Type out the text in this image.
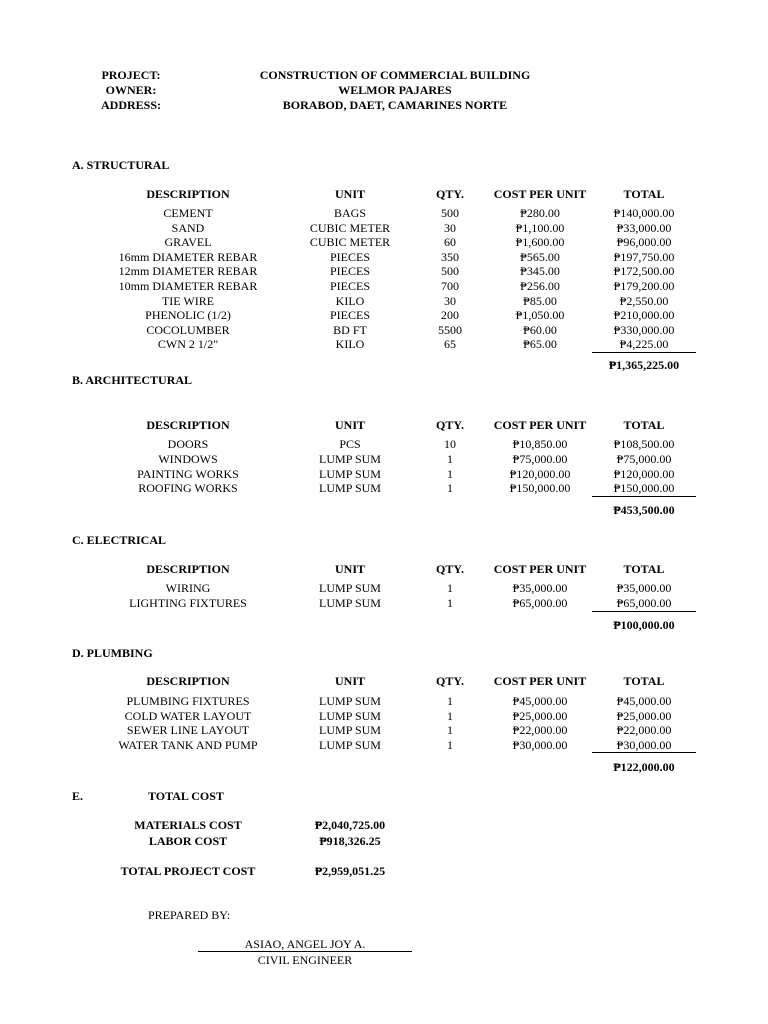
PROJECT:	CONSTRUCTION OF COMMERCIAL BUILDING
OWNER:	WELMOR PAJARES
ADDRESS:	BORABOD, DAET, CAMARINES NORTE
A. STRUCTURAL
DESCRIPTION	UNIT	QTY.	COST PER UNIT	TOTAL
CEMENT	BAGS	500	₱280.00	₱140,000.00
SAND	CUBIC METER	30	₱1,100.00	₱33,000.00
GRAVEL	CUBIC METER	60	₱1,600.00	₱96,000.00
16mm DIAMETER REBAR	PIECES	350	₱565.00	₱197,750.00
12mm DIAMETER REBAR	PIECES	500	₱345.00	₱172,500.00
10mm DIAMETER REBAR	PIECES	700	₱256.00	₱179,200.00
TIE WIRE	KILO	30	₱85.00	₱2,550.00
PHENOLIC (1/2)	PIECES	200	₱1,050.00	₱210,000.00
COCOLUMBER	BD FT	5500	₱60.00	₱330,000.00
CWN 2 1/2"	KILO	65	₱65.00	₱4,225.00
₱1,365,225.00
B. ARCHITECTURAL
DESCRIPTION	UNIT	QTY.	COST PER UNIT	TOTAL
DOORS	PCS	10	₱10,850.00	₱108,500.00
WINDOWS	LUMP SUM	1	₱75,000.00	₱75,000.00
PAINTING WORKS	LUMP SUM	1	₱120,000.00	₱120,000.00
ROOFING WORKS	LUMP SUM	1	₱150,000.00	₱150,000.00
₱453,500.00
C. ELECTRICAL
DESCRIPTION	UNIT	QTY.	COST PER UNIT	TOTAL
WIRING	LUMP SUM	1	₱35,000.00	₱35,000.00
LIGHTING FIXTURES	LUMP SUM	1	₱65,000.00	₱65,000.00
₱100,000.00
D. PLUMBING
DESCRIPTION	UNIT	QTY.	COST PER UNIT	TOTAL
PLUMBING FIXTURES	LUMP SUM	1	₱45,000.00	₱45,000.00
COLD WATER LAYOUT	LUMP SUM	1	₱25,000.00	₱25,000.00
SEWER LINE LAYOUT	LUMP SUM	1	₱22,000.00	₱22,000.00
WATER TANK AND PUMP	LUMP SUM	1	₱30,000.00	₱30,000.00
₱122,000.00
E.	TOTAL COST
MATERIALS COST	₱2,040,725.00
LABOR COST	₱918,326.25
TOTAL PROJECT COST	₱2,959,051.25
PREPARED BY:
ASIAO, ANGEL JOY A.
CIVIL ENGINEER
